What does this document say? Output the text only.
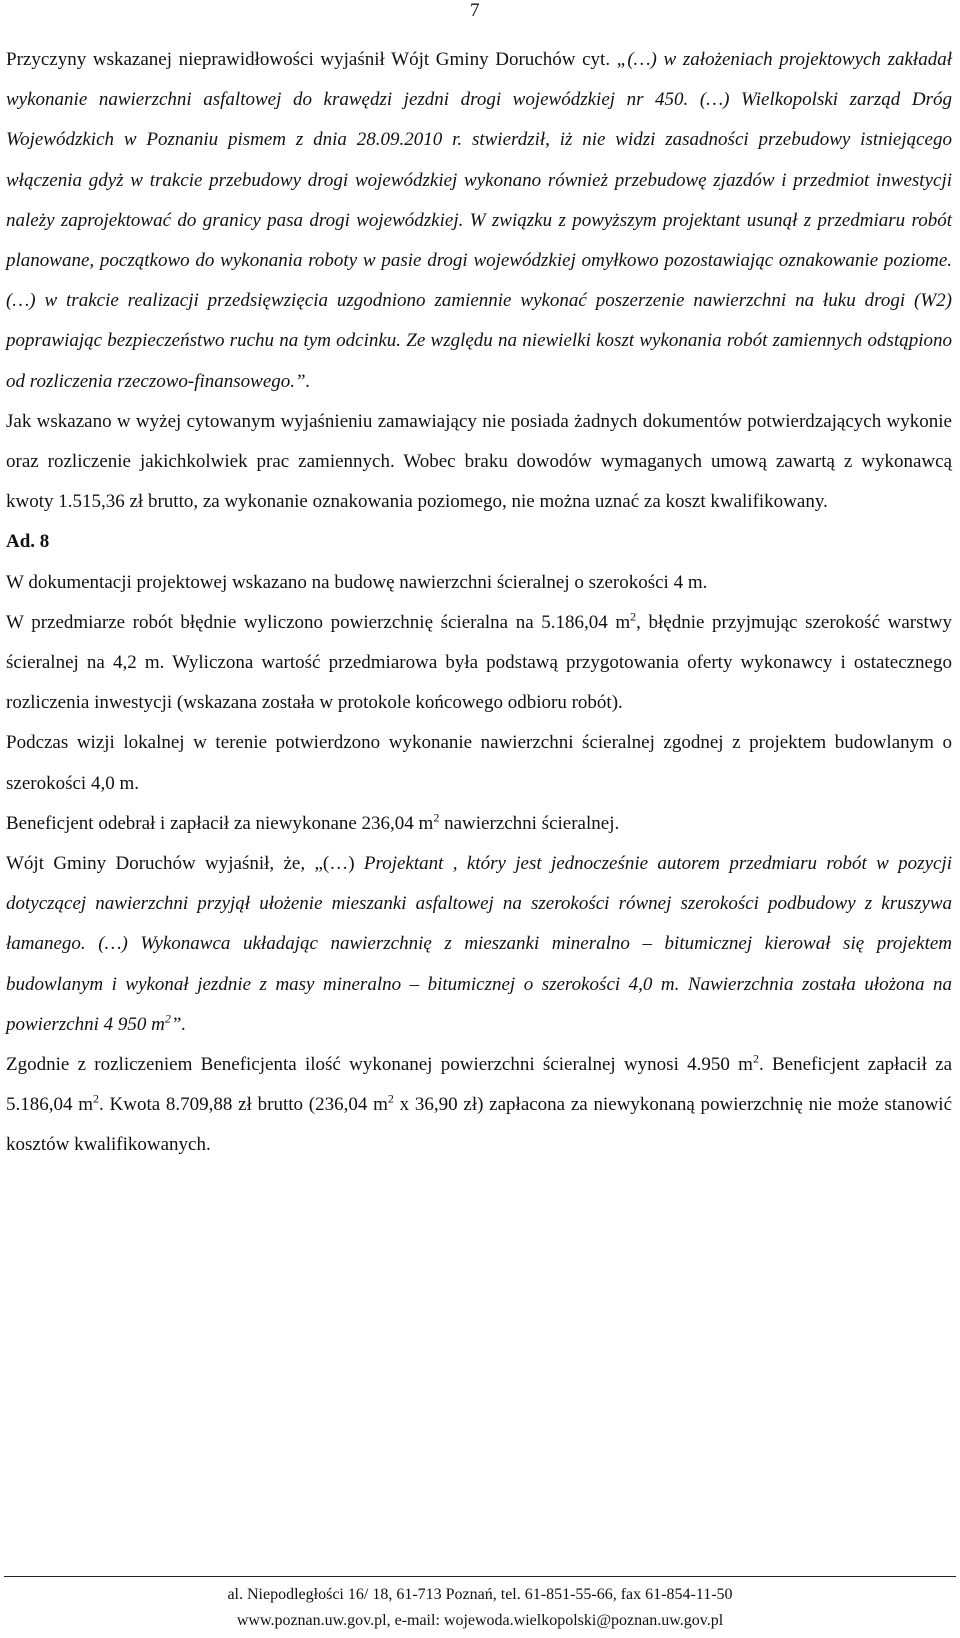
7

Przyczyny wskazanej nieprawidłowości wyjaśnił Wójt Gminy Doruchów cyt. „(…) w założeniach projektowych zakładał wykonanie nawierzchni asfaltowej do krawędzi jezdni drogi wojewódzkiej nr 450. (…) Wielkopolski zarząd Dróg Wojewódzkich w Poznaniu pismem z dnia 28.09.2010 r. stwierdził, iż nie widzi zasadności przebudowy istniejącego włączenia gdyż w trakcie przebudowy drogi wojewódzkiej wykonano również przebudowę zjazdów i przedmiot inwestycji należy zaprojektować do granicy pasa drogi wojewódzkiej. W związku z powyższym projektant usunął z przedmiaru robót planowane, początkowo do wykonania roboty w pasie drogi wojewódzkiej omyłkowo pozostawiając oznakowanie poziome. (…) w trakcie realizacji przedsięwzięcia uzgodniono zamiennie wykonać poszerzenie nawierzchni na łuku drogi (W2) poprawiając bezpieczeństwo ruchu na tym odcinku. Ze względu na niewielki koszt wykonania robót zamiennych odstąpiono od rozliczenia rzeczowo-finansowego.”.

Jak wskazano w wyżej cytowanym wyjaśnieniu zamawiający nie posiada żadnych dokumentów potwierdzających wykonie oraz rozliczenie jakichkolwiek prac zamiennych. Wobec braku dowodów wymaganych umową zawartą z wykonawcą kwoty 1.515,36 zł brutto, za wykonanie oznakowania poziomego, nie można uznać za koszt kwalifikowany.

Ad. 8

W dokumentacji projektowej wskazano na budowę nawierzchni ścieralnej o szerokości 4 m.

W przedmiarze robót błędnie wyliczono powierzchnię ścieralna na 5.186,04 $m^2$, błędnie przyjmując szerokość warstwy ścieralnej na 4,2 m. Wyliczona wartość przedmiarowa była podstawą przygotowania oferty wykonawcy i ostatecznego rozliczenia inwestycji (wskazana została w protokole końcowego odbioru robót).

Podczas wizji lokalnej w terenie potwierdzono wykonanie nawierzchni ścieralnej zgodnej z projektem budowlanym o szerokości 4,0 m.

Beneficjent odebrał i zapłacił za niewykonane 236,04 $m^2$ nawierzchni ścieralnej.

Wójt Gminy Doruchów wyjaśnił, że, „(…) Projektant , który jest jednocześnie autorem przedmiaru robót w pozycji dotyczącej nawierzchni przyjął ułożenie mieszanki asfaltowej na szerokości równej szerokości podbudowy z kruszywa łamanego. (…) Wykonawca układając nawierzchnię z mieszanki mineralno – bitumicznej kierował się projektem budowlanym i wykonał jezdnie z masy mineralno – bitumicznej o szerokości 4,0 m. Nawierzchnia została ułożona na powierzchni 4 950 $m^2$”.

Zgodnie z rozliczeniem Beneficjenta ilość wykonanej powierzchni ścieralnej wynosi 4.950 $m^2$. Beneficjent zapłacił za 5.186,04 $m^2$. Kwota 8.709,88 zł brutto (236,04 $m^2$ x 36,90 zł) zapłacona za niewykonaną powierzchnię nie może stanowić kosztów kwalifikowanych.

al. Niepodległości 16/ 18, 61-713 Poznań, tel. 61-851-55-66, fax 61-854-11-50
www.poznan.uw.gov.pl, e-mail: wojewoda.wielkopolski@poznan.uw.gov.pl
